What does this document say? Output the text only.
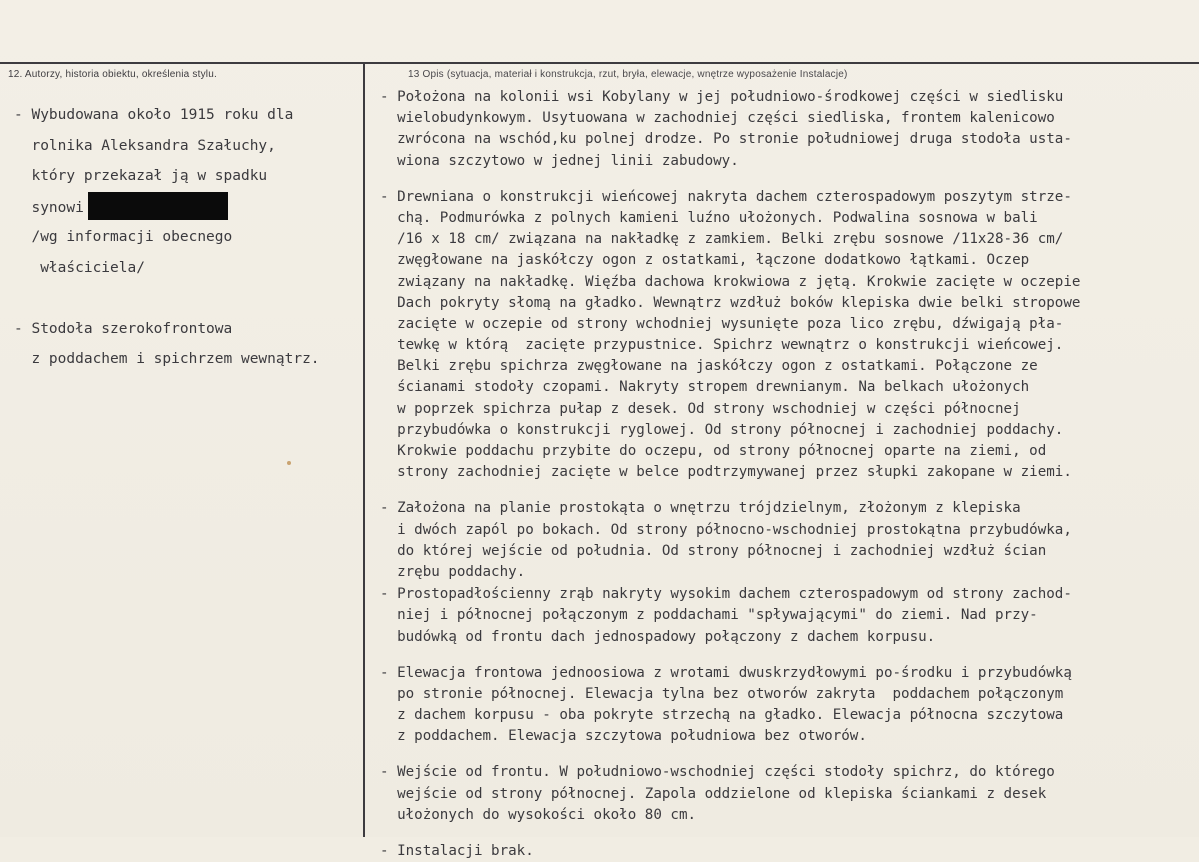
12. Autorzy, historia obiektu, określenia stylu.	13 Opis (sytuacja, materiał i konstrukcja, rzut, bryła, elewacje, wnętrze wyposażenie Instalacje)
- Wybudowana około 1915 roku dla
rolnika Aleksandra Szałuchy,
który przekazał ją w spadku
synowi
/wg informacji obecnego
właściciela/
- Stodoła szerokofrontowa
z poddachem i spichrzem wewnątrz.
- Położona na kolonii wsi Kobylany w jej południowo-środkowej części w siedlisku
wielobudynkowym. Usytuowana w zachodniej części siedliska, frontem kalenicowo
zwrócona na wschód,ku polnej drodze. Po stronie południowej druga stodoła usta-
wiona szczytowo w jednej linii zabudowy.
- Drewniana o konstrukcji wieńcowej nakryta dachem czterospadowym poszytym strze-
chą. Podmurówka z polnych kamieni luźno ułożonych. Podwalina sosnowa w bali
/16 x 18 cm/ związana na nakładkę z zamkiem. Belki zrębu sosnowe /11x28-36 cm/
zwęgłowane na jaskółczy ogon z ostatkami, łączone dodatkowo łątkami. Oczep
związany na nakładkę. Więźba dachowa krokwiowa z jętą. Krokwie zacięte w oczepie
Dach pokryty słomą na gładko. Wewnątrz wzdłuż boków klepiska dwie belki stropowe
zacięte w oczepie od strony wchodniej wysunięte poza lico zrębu, dźwigają pła-
tewkę w którą  zacięte przypustnice. Spichrz wewnątrz o konstrukcji wieńcowej.
Belki zrębu spichrza zwęgłowane na jaskółczy ogon z ostatkami. Połączone ze
ścianami stodoły czopami. Nakryty stropem drewnianym. Na belkach ułożonych
w poprzek spichrza pułap z desek. Od strony wschodniej w części północnej
przybudówka o konstrukcji ryglowej. Od strony północnej i zachodniej poddachy.
Krokwie poddachu przybite do oczepu, od strony północnej oparte na ziemi, od
strony zachodniej zacięte w belce podtrzymywanej przez słupki zakopane w ziemi.
- Założona na planie prostokąta o wnętrzu trójdzielnym, złożonym z klepiska
i dwóch zapól po bokach. Od strony północno-wschodniej prostokątna przybudówka,
do której wejście od południa. Od strony północnej i zachodniej wzdłuż ścian
zrębu poddachy.
- Prostopadłościenny zrąb nakryty wysokim dachem czterospadowym od strony zachod-
niej i północnej połączonym z poddachami "spływającymi" do ziemi. Nad przy-
budówką od frontu dach jednospadowy połączony z dachem korpusu.
- Elewacja frontowa jednoosiowa z wrotami dwuskrzydłowymi po-środku i przybudówką
po stronie północnej. Elewacja tylna bez otworów zakryta  poddachem połączonym
z dachem korpusu - oba pokryte strzechą na gładko. Elewacja północna szczytowa
z poddachem. Elewacja szczytowa południowa bez otworów.
- Wejście od frontu. W południowo-wschodniej części stodoły spichrz, do którego
wejście od strony północnej. Zapola oddzielone od klepiska ściankami z desek
ułożonych do wysokości około 80 cm.
- Instalacji brak.
